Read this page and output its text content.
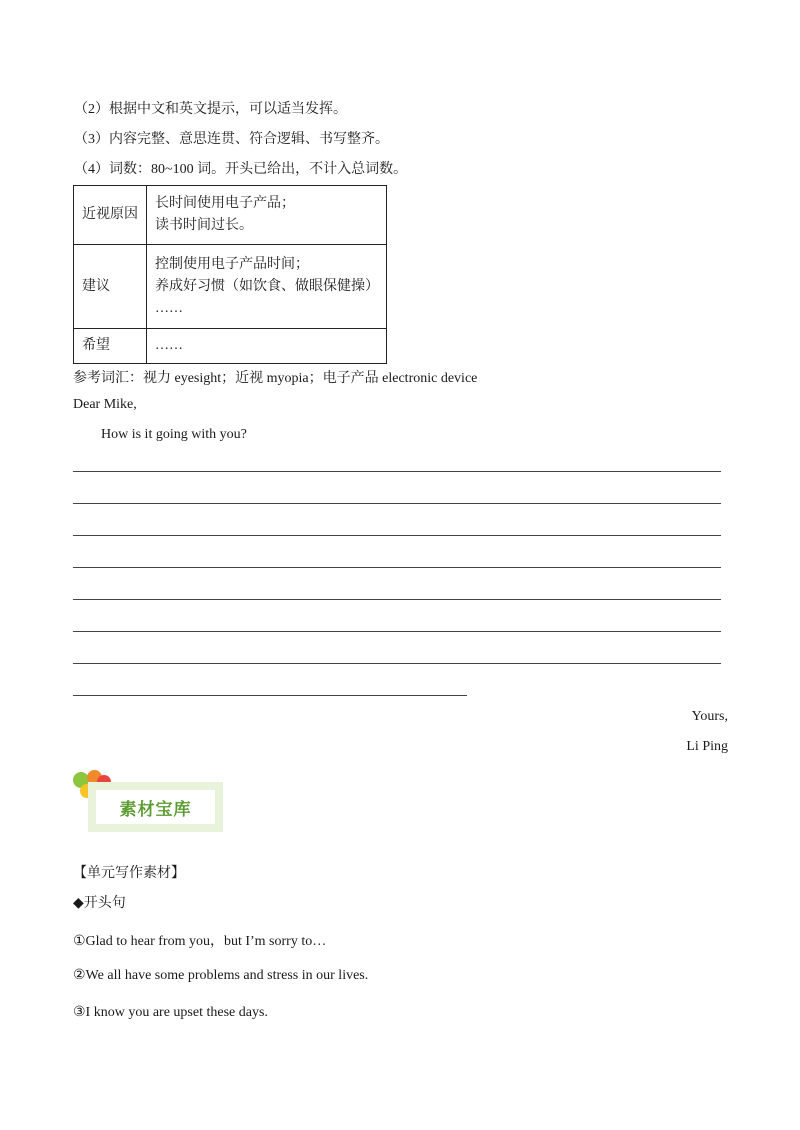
（2）根据中文和英文提示，可以适当发挥。
（3）内容完整、意思连贯、符合逻辑、书写整齐。
（4）词数：80~100 词。开头已给出，不计入总词数。
近视原因	长时间使用电子产品；
读书时间过长。

建议	控制使用电子产品时间；
养成好习惯（如饮食、做眼保健操）
……

希望	……
参考词汇：视力 eyesight；近视 myopia；电子产品 electronic device
Dear Mike,
How is it going with you?
Yours,
Li Ping
素材宝库
【单元写作素材】
◆开头句
①Glad to hear from you，but I’m sorry to…
②We all have some problems and stress in our lives.
③I know you are upset these days.
